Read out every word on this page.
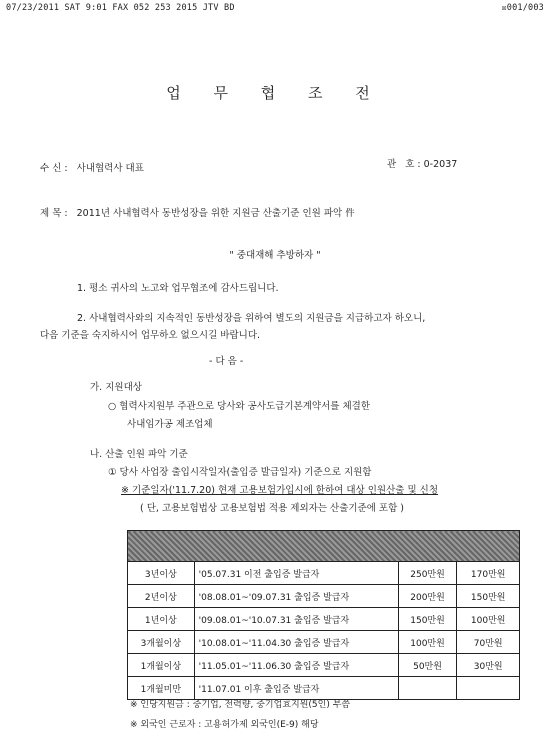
07/23/2011 SAT 9:01 FAX 052 253 2015 JTV BD	☒001/003
업 무 협 조 전
수 신 : 사내협력사 대표	관 호 : 0-2037
제 목 : 2011년 사내협력사 동반성장을 위한 지원금 산출기준 인원 파악 件
" 중대재해 추방하자 "
1. 평소 귀사의 노고와 업무협조에 감사드립니다.
2. 사내협력사와의 지속적인 동반성장을 위하여 별도의 지원금을 지급하고자 하오니,
다음 기준을 숙지하시어 업무하오 없으시길 바랍니다.
- 다 음 -
가. 지원대상
○ 협력사지원부 주관으로 당사와 공사도급기본계약서를 체결한
사내임가공 제조업체
나. 산출 인원 파악 기준
① 당사 사업장 출입시작일자(출입증 발급일자) 기준으로 지원함
※ 기준일자('11.7.20) 현재 고용보험가입시에 한하여 대상 인원산출 및 신청
( 단, 고용보험법상 고용보험법 적용 제외자는 산출기준에 포함 )

3년이상	'05.07.31 이전 출입증 발급자	250만원	170만원
2년이상	'08.08.01~'09.07.31 출입증 발급자	200만원	150만원
1년이상	'09.08.01~'10.07.31 출입증 발급자	150만원	100만원
3개월이상	'10.08.01~'11.04.30 출입증 발급자	100만원	70만원
1개월이상	'11.05.01~'11.06.30 출입증 발급자	50만원	30만원
1개월미만	'11.07.01 이후 출입증 발급자		
※ 인당지원금 : 중기업, 전력량, 중기업효지원(5인) 부쯤
※ 외국인 근로자 : 고용허가제 외국인(E-9) 해당
